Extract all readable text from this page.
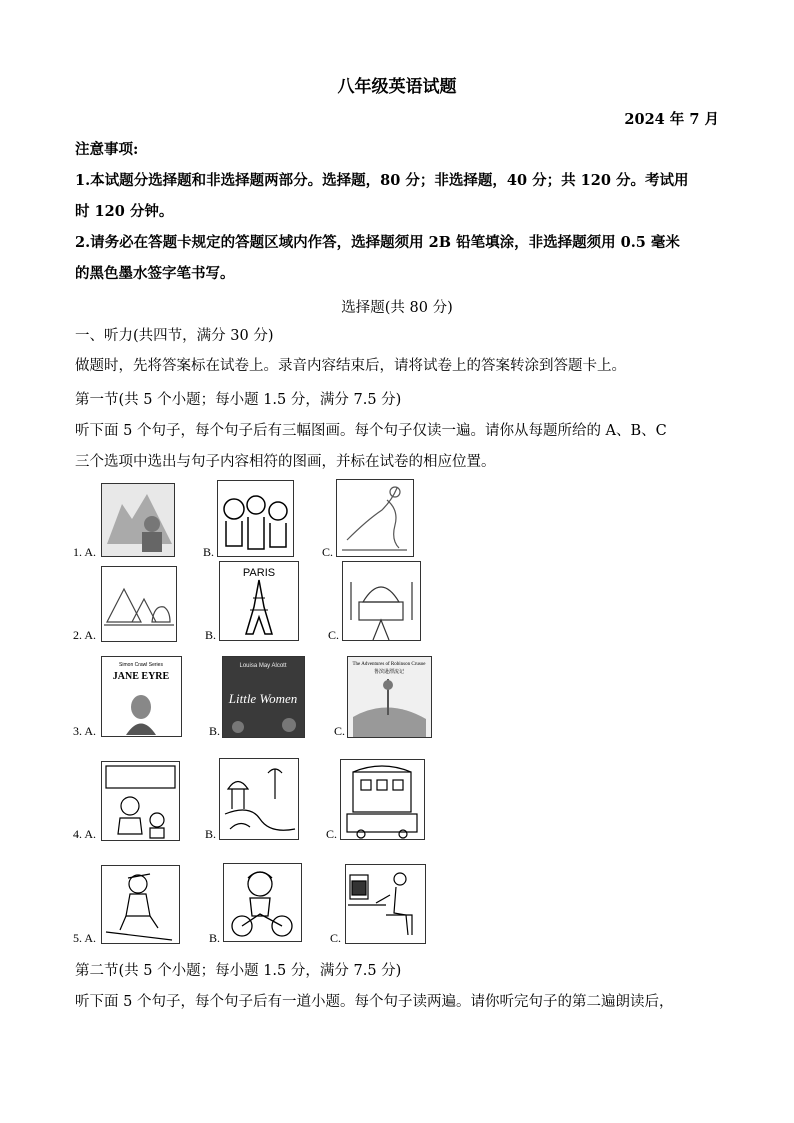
八年级英语试题
2024 年 7 月
注意事项:
1.本试题分选择题和非选择题两部分。选择题，80 分；非选择题，40 分；共 120 分。考试用
时 120 分钟。
2.请务必在答题卡规定的答题区域内作答，选择题须用 2B 铅笔填涂，非选择题须用 0.5 毫米
的黑色墨水签字笔书写。
选择题(共 80 分)
一、听力(共四节，满分 30 分)
做题时，先将答案标在试卷上。录音内容结束后，请将试卷上的答案转涂到答题卡上。
第一节(共 5 个小题；每小题 1.5 分，满分 7.5 分)
听下面 5 个句子，每个句子后有三幅图画。每个句子仅读一遍。请你从每题所给的 A、B、C
三个选项中选出与句子内容相符的图画，并标在试卷的相应位置。
1. A.	B.	C.
2. A.	B.
PARIS
C.
3. A.
Simon Crawl Series
JANE EYRE
B.
Louisa May Alcott
Little Women
C.
The Adventures of Robinson Crusoe
鲁滨逊漂流记
4. A.	B.	C.
5. A.	B.	C.
第二节(共 5 个小题；每小题 1.5 分，满分 7.5 分)
听下面 5 个句子，每个句子后有一道小题。每个句子读两遍。请你听完句子的第二遍朗读后，
